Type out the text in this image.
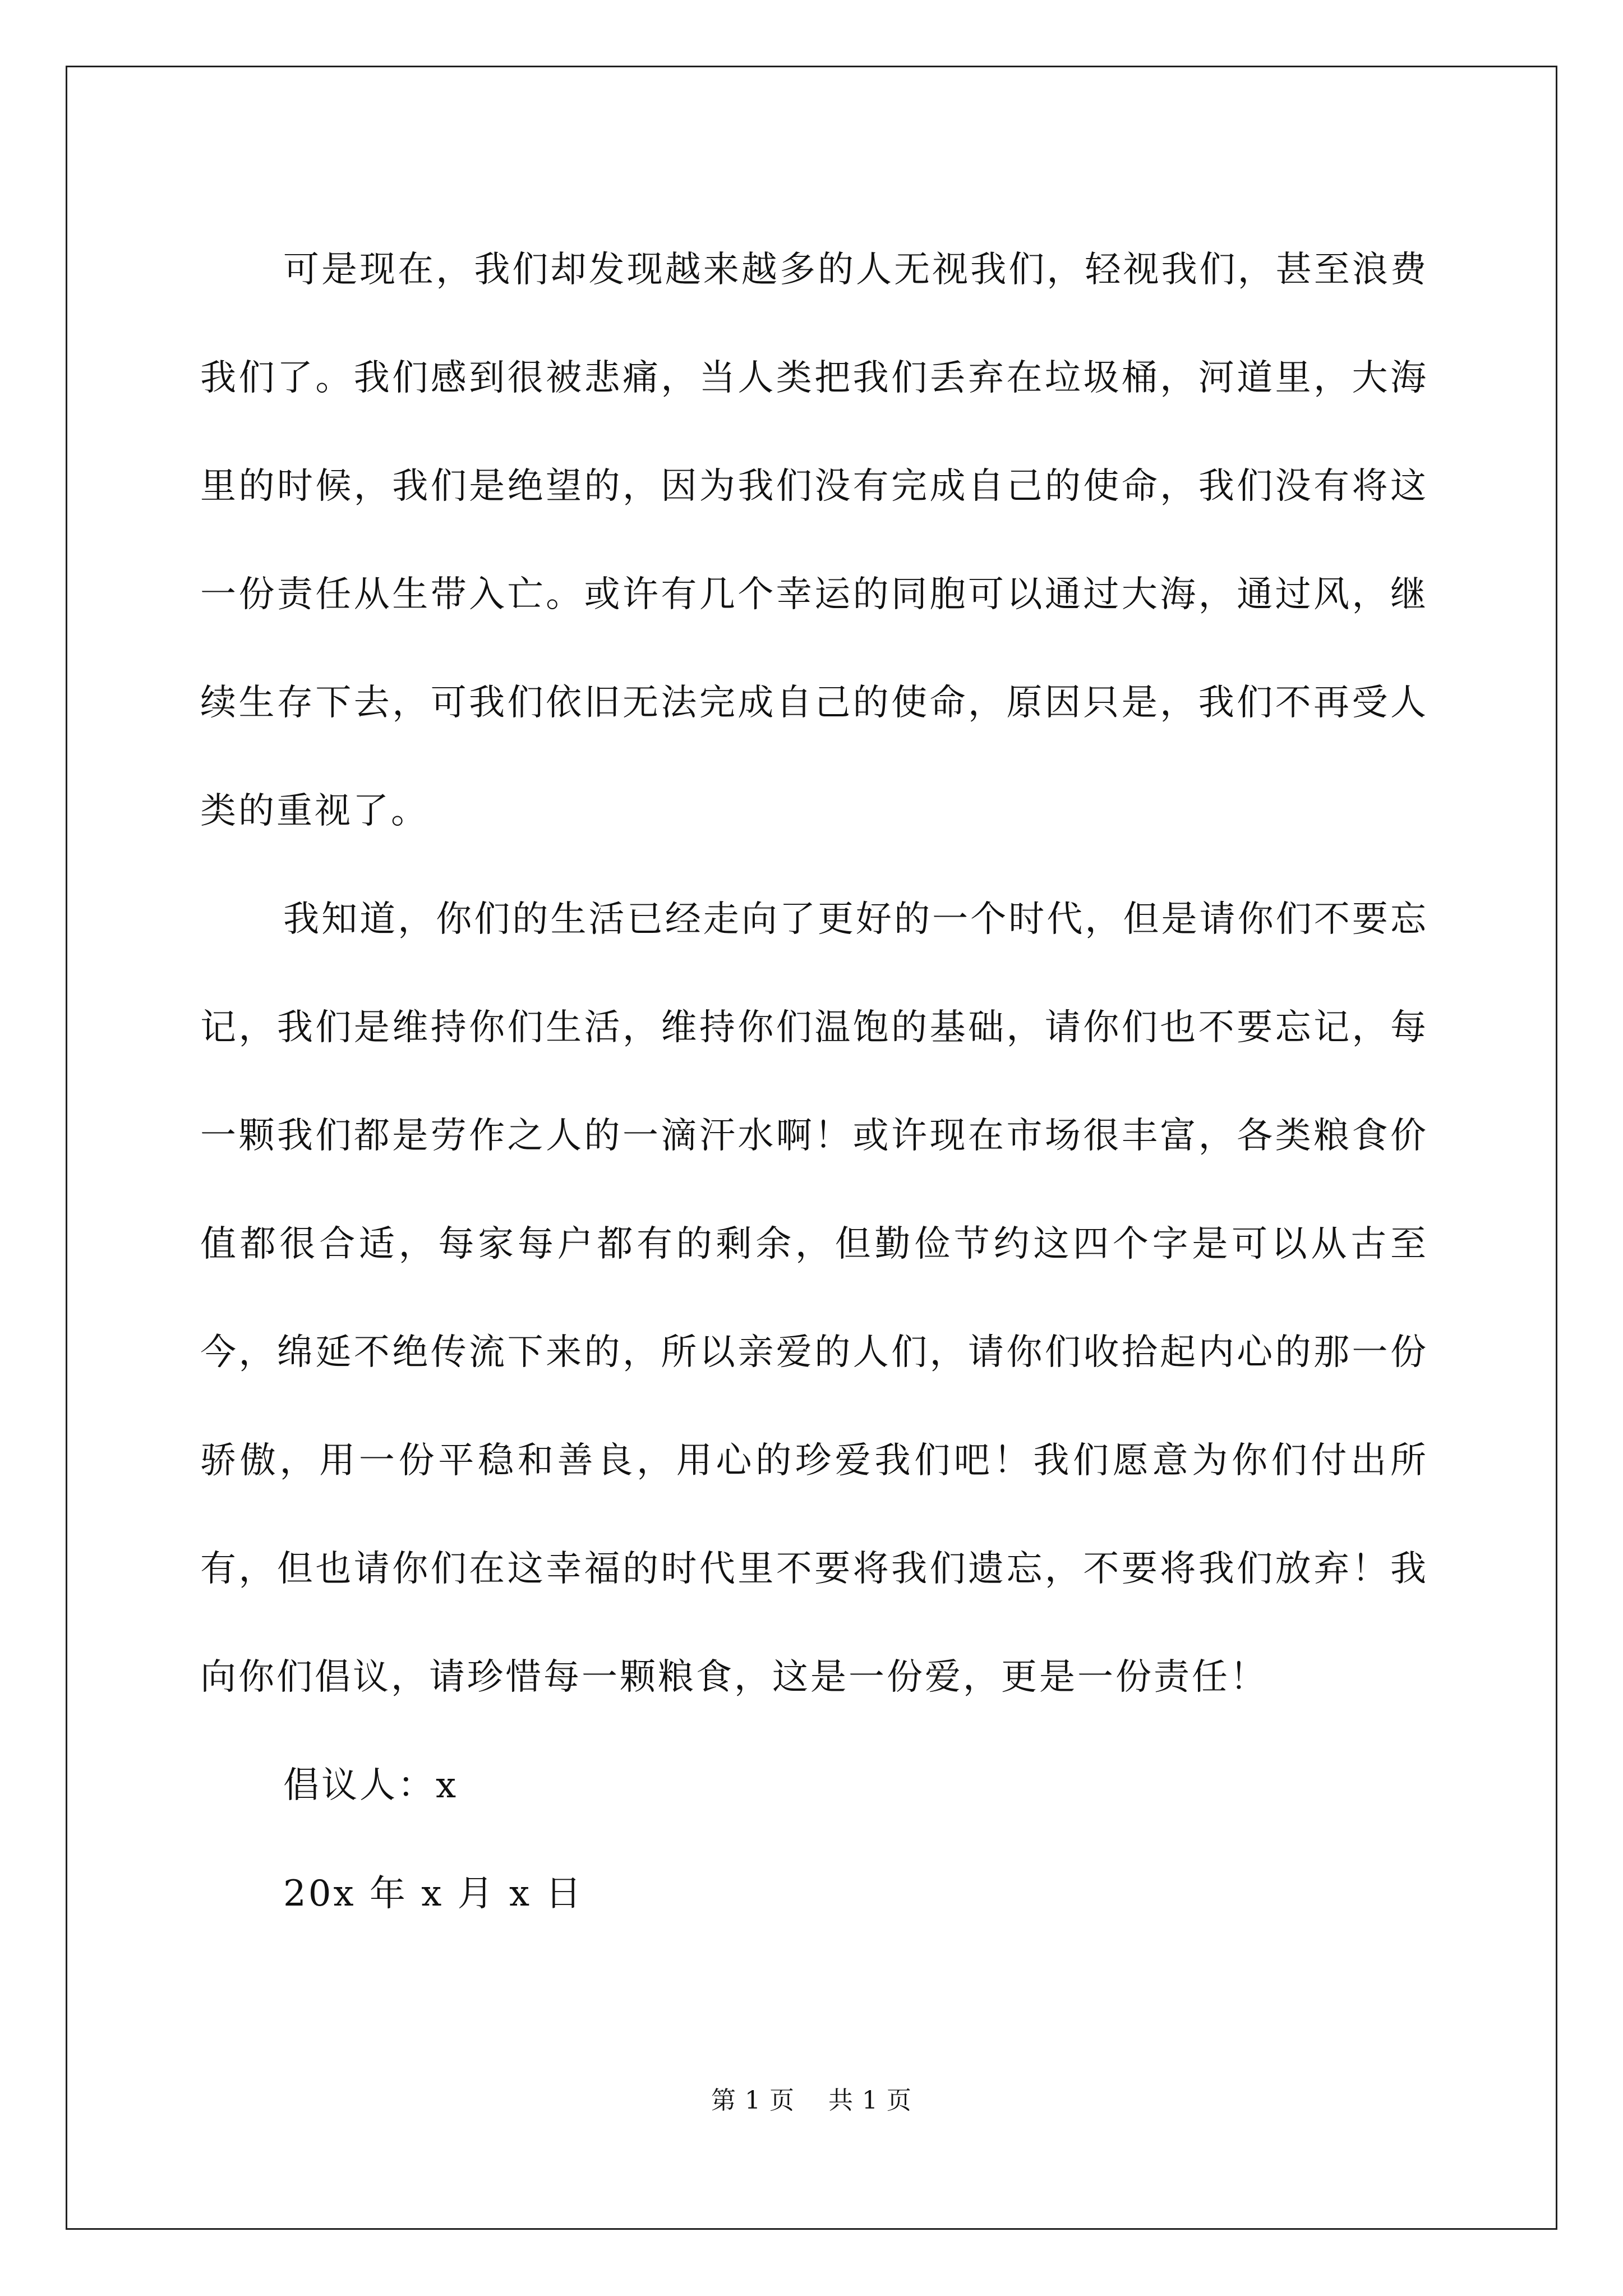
可是现在，我们却发现越来越多的人无视我们，轻视我们，甚至浪费我们了。我们感到很被悲痛，当人类把我们丢弃在垃圾桶，河道里，大海里的时候，我们是绝望的，因为我们没有完成自己的使命，我们没有将这一份责任从生带入亡。或许有几个幸运的同胞可以通过大海，通过风，继续生存下去，可我们依旧无法完成自己的使命，原因只是，我们不再受人类的重视了。

我知道，你们的生活已经走向了更好的一个时代，但是请你们不要忘记，我们是维持你们生活，维持你们温饱的基础，请你们也不要忘记，每一颗我们都是劳作之人的一滴汗水啊！或许现在市场很丰富，各类粮食价值都很合适，每家每户都有的剩余，但勤俭节约这四个字是可以从古至今，绵延不绝传流下来的，所以亲爱的人们，请你们收拾起内心的那一份骄傲，用一份平稳和善良，用心的珍爱我们吧！我们愿意为你们付出所有，但也请你们在这幸福的时代里不要将我们遗忘，不要将我们放弃！我向你们倡议，请珍惜每一颗粮食，这是一份爱，更是一份责任！

倡议人：x

20x 年 x 月 x 日

第 1 页    共 1 页
